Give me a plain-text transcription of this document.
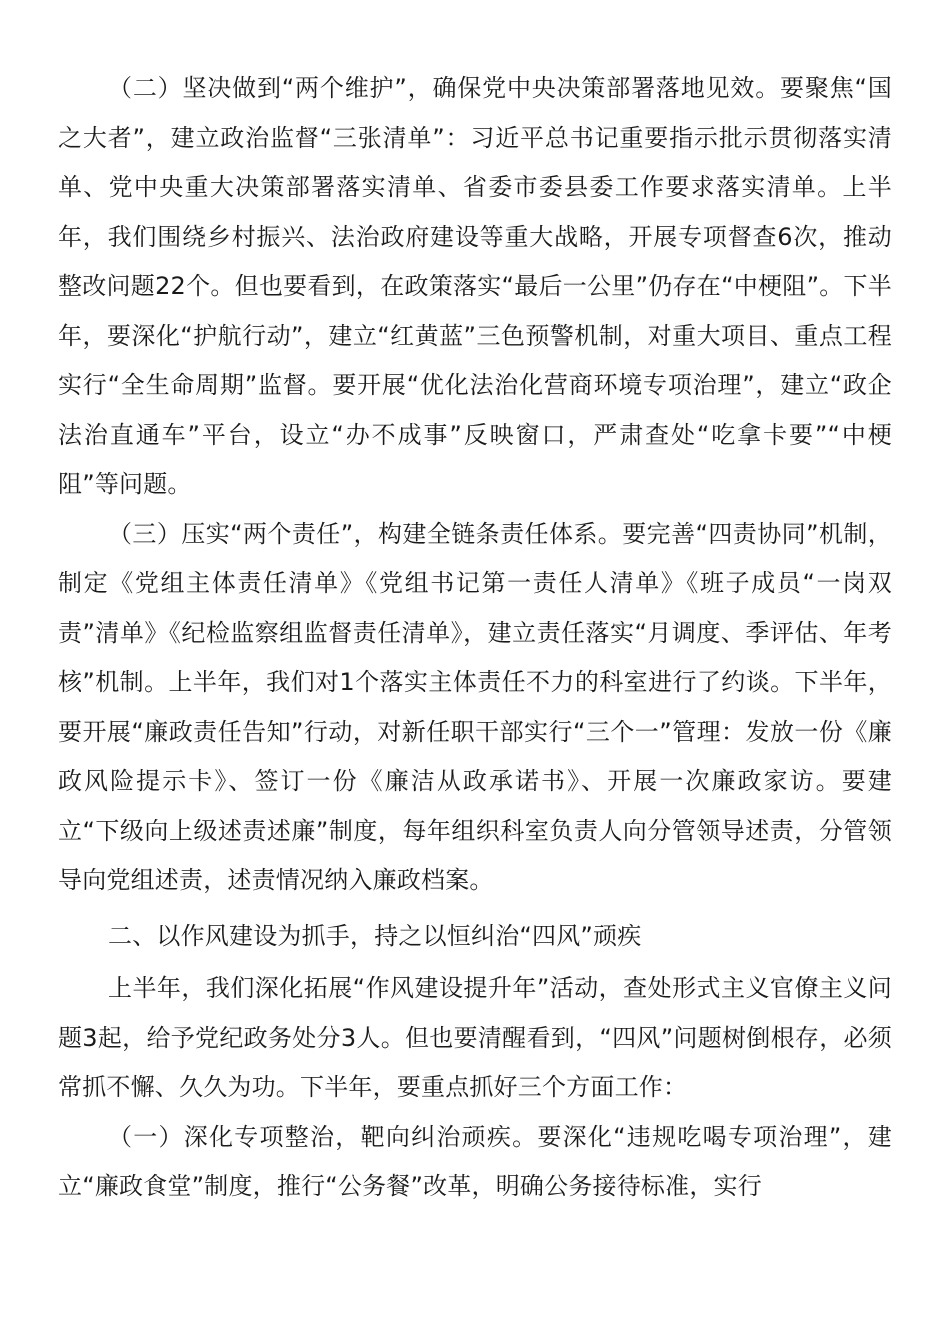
（二）坚决做到“两个维护”，确保党中央决策部署落地见效。要聚焦“国之大者”，建立政治监督“三张清单”：习近平总书记重要指示批示贯彻落实清单、党中央重大决策部署落实清单、省委市委县委工作要求落实清单。上半年，我们围绕乡村振兴、法治政府建设等重大战略，开展专项督查6次，推动整改问题22个。但也要看到，在政策落实“最后一公里”仍存在“中梗阻”。下半年，要深化“护航行动”，建立“红黄蓝”三色预警机制，对重大项目、重点工程实行“全生命周期”监督。要开展“优化法治化营商环境专项治理”，建立“政企法治直通车”平台，设立“办不成事”反映窗口，严肃查处“吃拿卡要”“中梗阻”等问题。

（三）压实“两个责任”，构建全链条责任体系。要完善“四责协同”机制，制定《党组主体责任清单》《党组书记第一责任人清单》《班子成员“一岗双责”清单》《纪检监察组监督责任清单》，建立责任落实“月调度、季评估、年考核”机制。上半年，我们对1个落实主体责任不力的科室进行了约谈。下半年，要开展“廉政责任告知”行动，对新任职干部实行“三个一”管理：发放一份《廉政风险提示卡》、签订一份《廉洁从政承诺书》、开展一次廉政家访。要建立“下级向上级述责述廉”制度，每年组织科室负责人向分管领导述责，分管领导向党组述责，述责情况纳入廉政档案。

二、以作风建设为抓手，持之以恒纠治“四风”顽疾

上半年，我们深化拓展“作风建设提升年”活动，查处形式主义官僚主义问题3起，给予党纪政务处分3人。但也要清醒看到，“四风”问题树倒根存，必须常抓不懈、久久为功。下半年，要重点抓好三个方面工作：

（一）深化专项整治，靶向纠治顽疾。要深化“违规吃喝专项治理”，建立“廉政食堂”制度，推行“公务餐”改革，明确公务接待标准，实行
